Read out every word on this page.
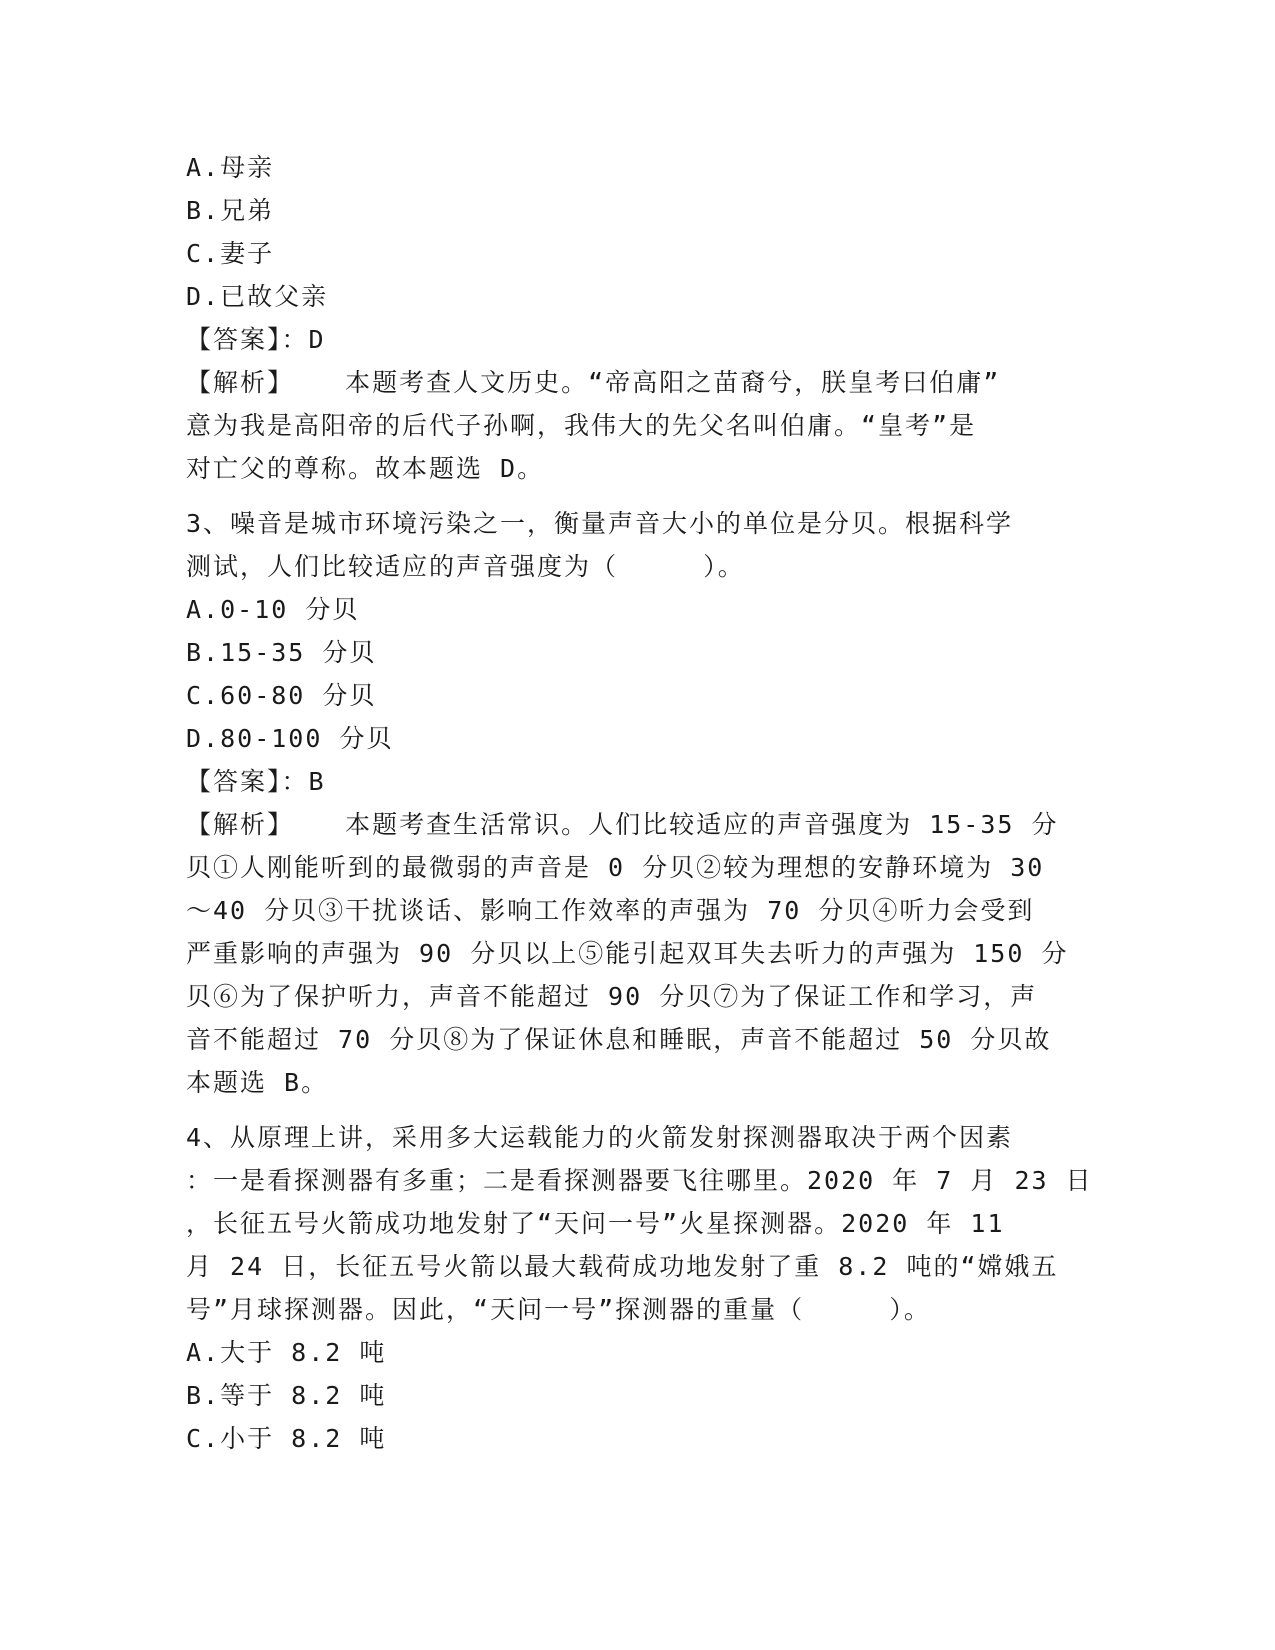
A.母亲
B.兄弟
C.妻子
D.已故父亲
【答案】：D
【解析】   本题考查人文历史。“帝高阳之苗裔兮，朕皇考曰伯庸”
意为我是高阳帝的后代子孙啊，我伟大的先父名叫伯庸。“皇考”是
对亡父的尊称。故本题选 D。
3、噪音是城市环境污染之一，衡量声音大小的单位是分贝。根据科学
测试，人们比较适应的声音强度为（     ）。
A.0-10 分贝
B.15-35 分贝
C.60-80 分贝
D.80-100 分贝
【答案】：B
【解析】   本题考查生活常识。人们比较适应的声音强度为 15-35 分
贝①人刚能听到的最微弱的声音是 0 分贝②较为理想的安静环境为 30
～40 分贝③干扰谈话、影响工作效率的声强为 70 分贝④听力会受到
严重影响的声强为 90 分贝以上⑤能引起双耳失去听力的声强为 150 分
贝⑥为了保护听力，声音不能超过 90 分贝⑦为了保证工作和学习，声
音不能超过 70 分贝⑧为了保证休息和睡眠，声音不能超过 50 分贝故
本题选 B。
4、从原理上讲，采用多大运载能力的火箭发射探测器取决于两个因素
：一是看探测器有多重；二是看探测器要飞往哪里。2020 年 7 月 23 日
，长征五号火箭成功地发射了“天问一号”火星探测器。2020 年 11
月 24 日，长征五号火箭以最大载荷成功地发射了重 8.2 吨的“嫦娥五
号”月球探测器。因此，“天问一号”探测器的重量（     ）。
A.大于 8.2 吨
B.等于 8.2 吨
C.小于 8.2 吨
